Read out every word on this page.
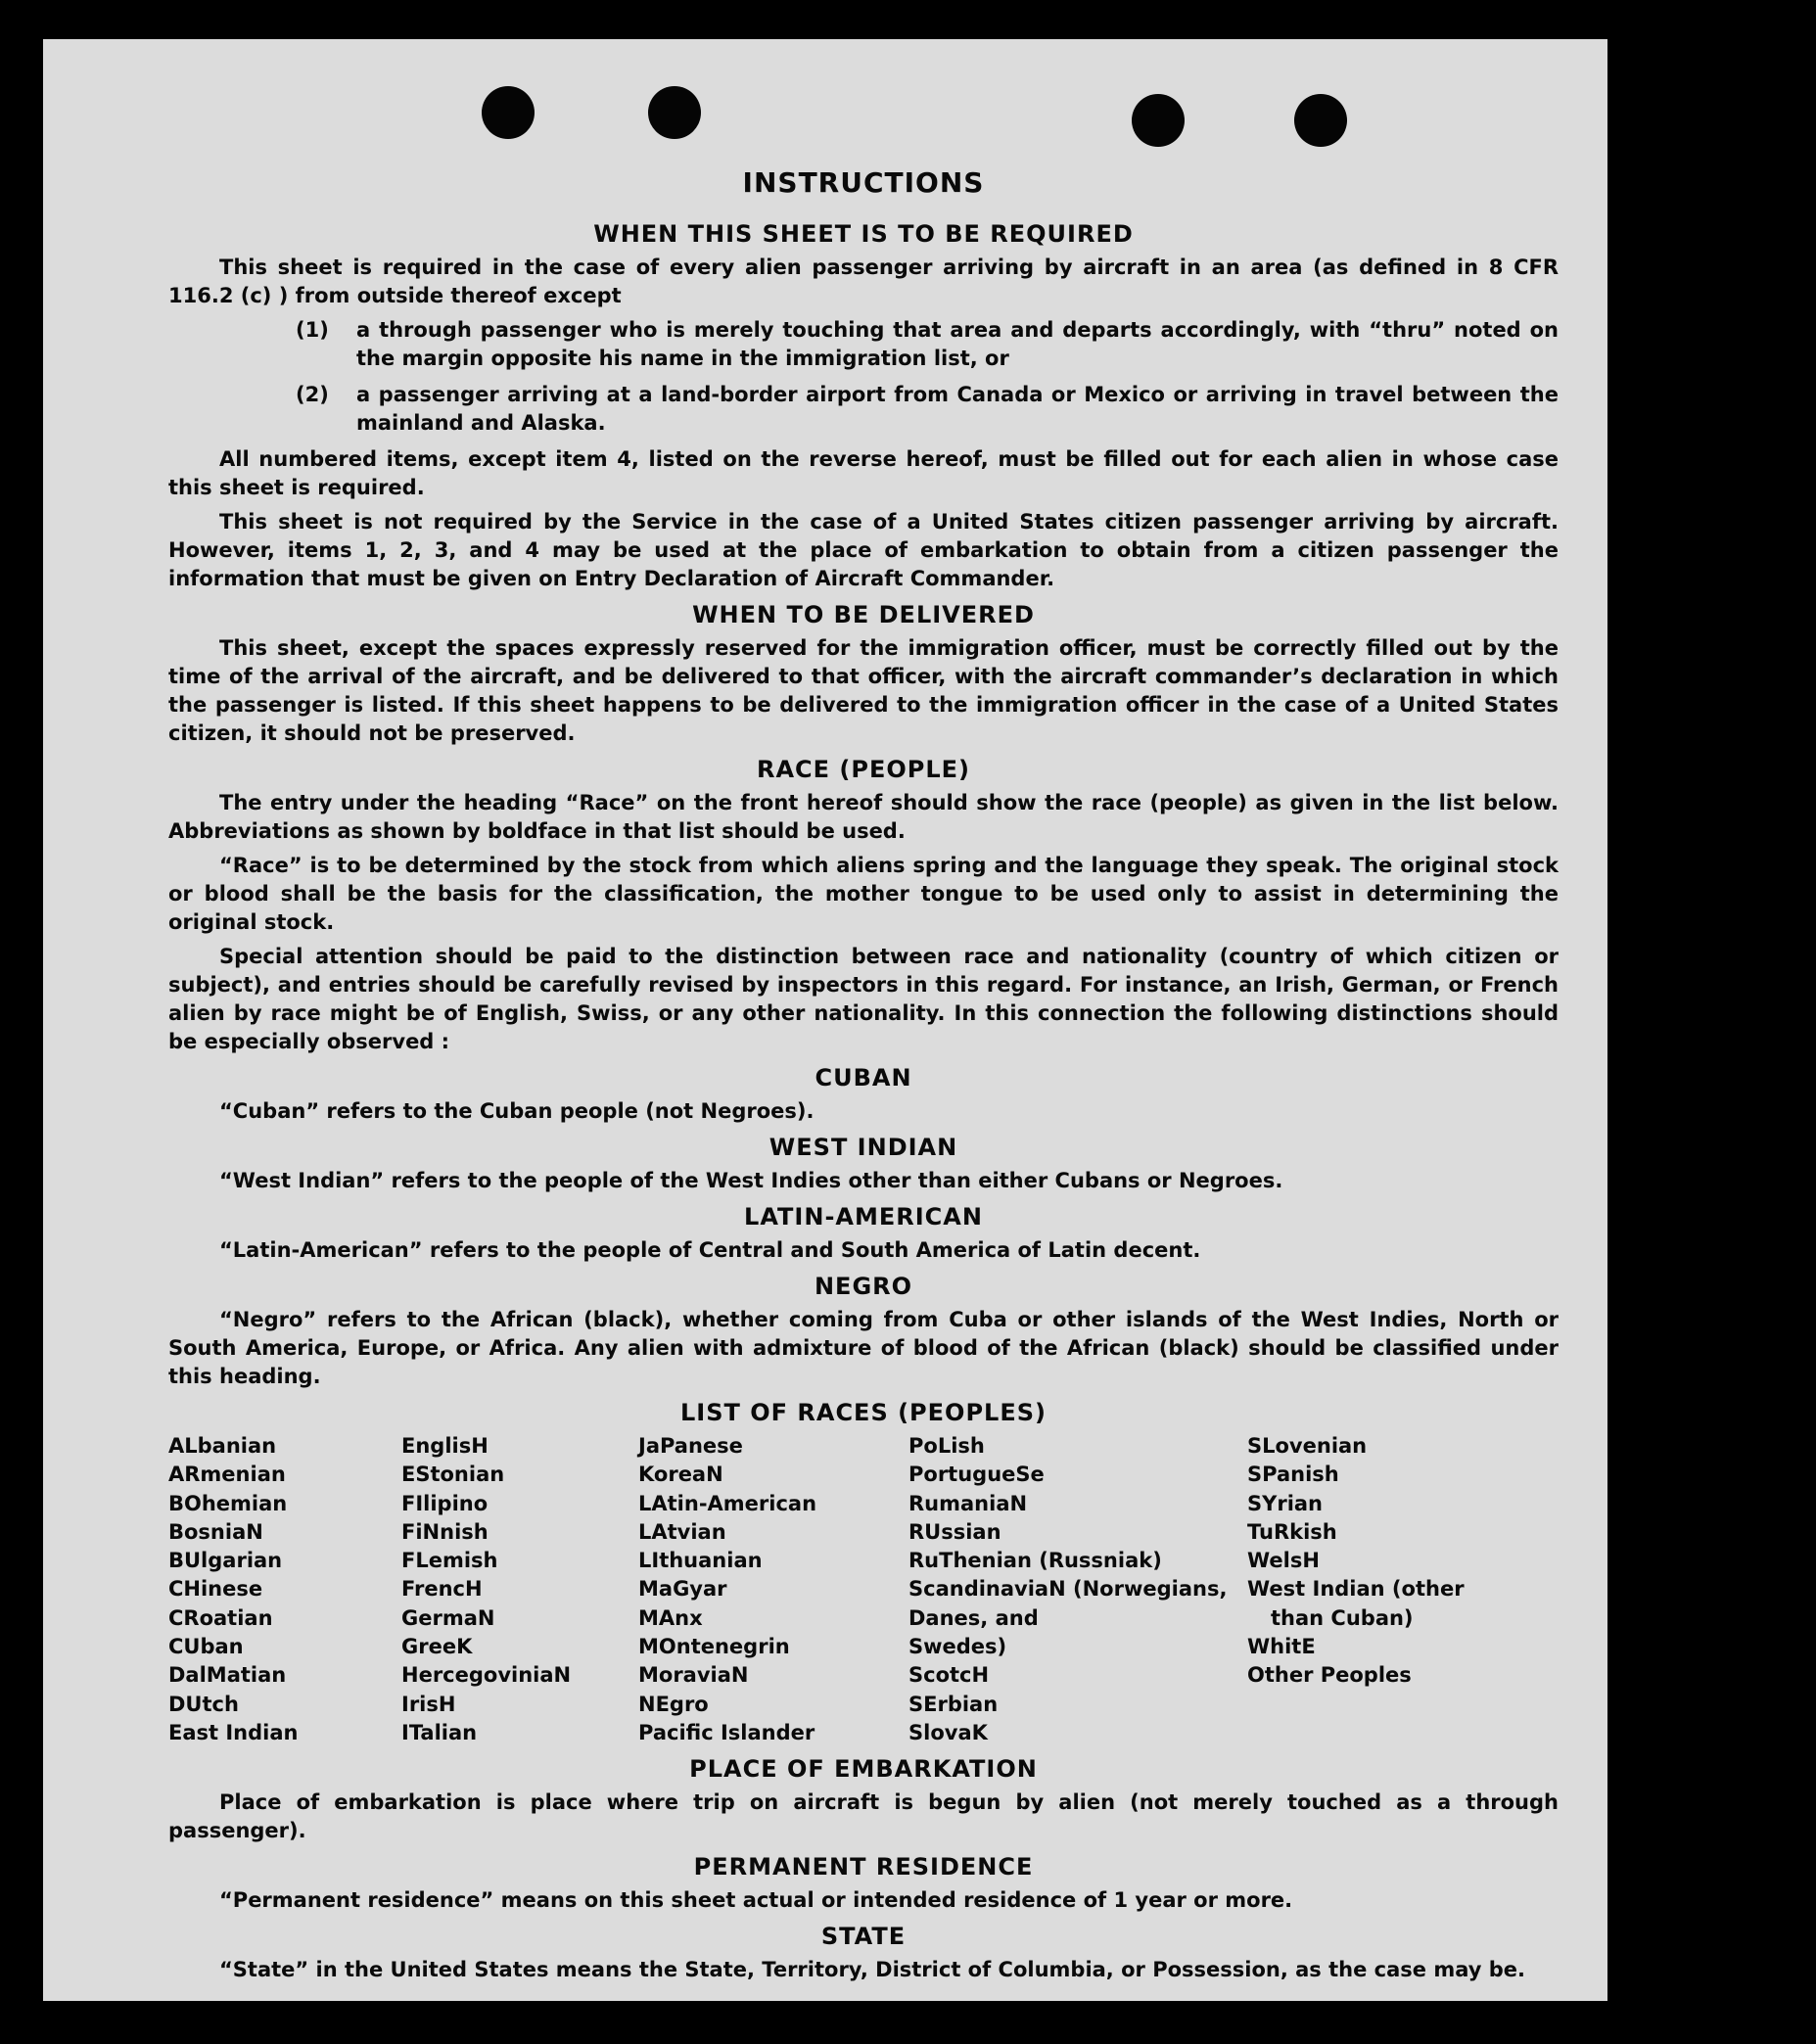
INSTRUCTIONS
WHEN THIS SHEET IS TO BE REQUIRED

This sheet is required in the case of every alien passenger arriving by aircraft in an area (as defined in 8 CFR 116.2 (c) ) from outside thereof except

(1)	a through passenger who is merely touching that area and departs accordingly, with “thru” noted on the margin opposite his name in the immigration list, or
(2)	a passenger arriving at a land-border airport from Canada or Mexico or arriving in travel between the mainland and Alaska.

All numbered items, except item 4, listed on the reverse hereof, must be filled out for each alien in whose case this sheet is required.

This sheet is not required by the Service in the case of a United States citizen passenger arriving by aircraft. However, items 1, 2, 3, and 4 may be used at the place of embarkation to obtain from a citizen passenger the information that must be given on Entry Declaration of Aircraft Commander.

WHEN TO BE DELIVERED

This sheet, except the spaces expressly reserved for the immigration officer, must be correctly filled out by the time of the arrival of the aircraft, and be delivered to that officer, with the aircraft commander’s declaration in which the passenger is listed. If this sheet happens to be delivered to the immigration officer in the case of a United States citizen, it should not be preserved.

RACE (PEOPLE)

The entry under the heading “Race” on the front hereof should show the race (people) as given in the list below. Abbreviations as shown by boldface in that list should be used.

“Race” is to be determined by the stock from which aliens spring and the language they speak. The original stock or blood shall be the basis for the classification, the mother tongue to be used only to assist in determining the original stock.

Special attention should be paid to the distinction between race and nationality (country of which citizen or subject), and entries should be carefully revised by inspectors in this regard. For instance, an Irish, German, or French alien by race might be of English, Swiss, or any other nationality. In this connection the following distinctions should be especially observed :

CUBAN

“Cuban” refers to the Cuban people (not Negroes).

WEST INDIAN

“West Indian” refers to the people of the West Indies other than either Cubans or Negroes.

LATIN-AMERICAN

“Latin-American” refers to the people of Central and South America of Latin decent.

NEGRO

“Negro” refers to the African (black), whether coming from Cuba or other islands of the West Indies, North or South America, Europe, or Africa. Any alien with admixture of blood of the African (black) should be classified under this heading.

LIST OF RACES (PEOPLES)
ALbanian
ARmenian
BOhemian
BosniaN
BUlgarian
CHinese
CRoatian
CUban
DalMatian
DUtch
East Indian
EnglisH
EStonian
FIlipino
FiNnish
FLemish
FrencH
GermaN
GreeK
HercegoviniaN
IrisH
ITalian
JaPanese
KoreaN
LAtin-American
LAtvian
LIthuanian
MaGyar
MAnx
MOntenegrin
MoraviaN
NEgro
Pacific Islander
PoLish
PortugueSe
RumaniaN
RUssian
RuThenian (Russniak)
ScandinaviaN (Norwegians,
Danes, and
Swedes)
ScotcH
SErbian
SlovaK
SLovenian
SPanish
SYrian
TuRkish
WelsH
West Indian (other
than Cuban)
WhitE
Other Peoples
PLACE OF EMBARKATION

Place of embarkation is place where trip on aircraft is begun by alien (not merely touched as a through passenger).

PERMANENT RESIDENCE

“Permanent residence” means on this sheet actual or intended residence of 1 year or more.

STATE

“State” in the United States means the State, Territory, District of Columbia, or Possession, as the case may be.
